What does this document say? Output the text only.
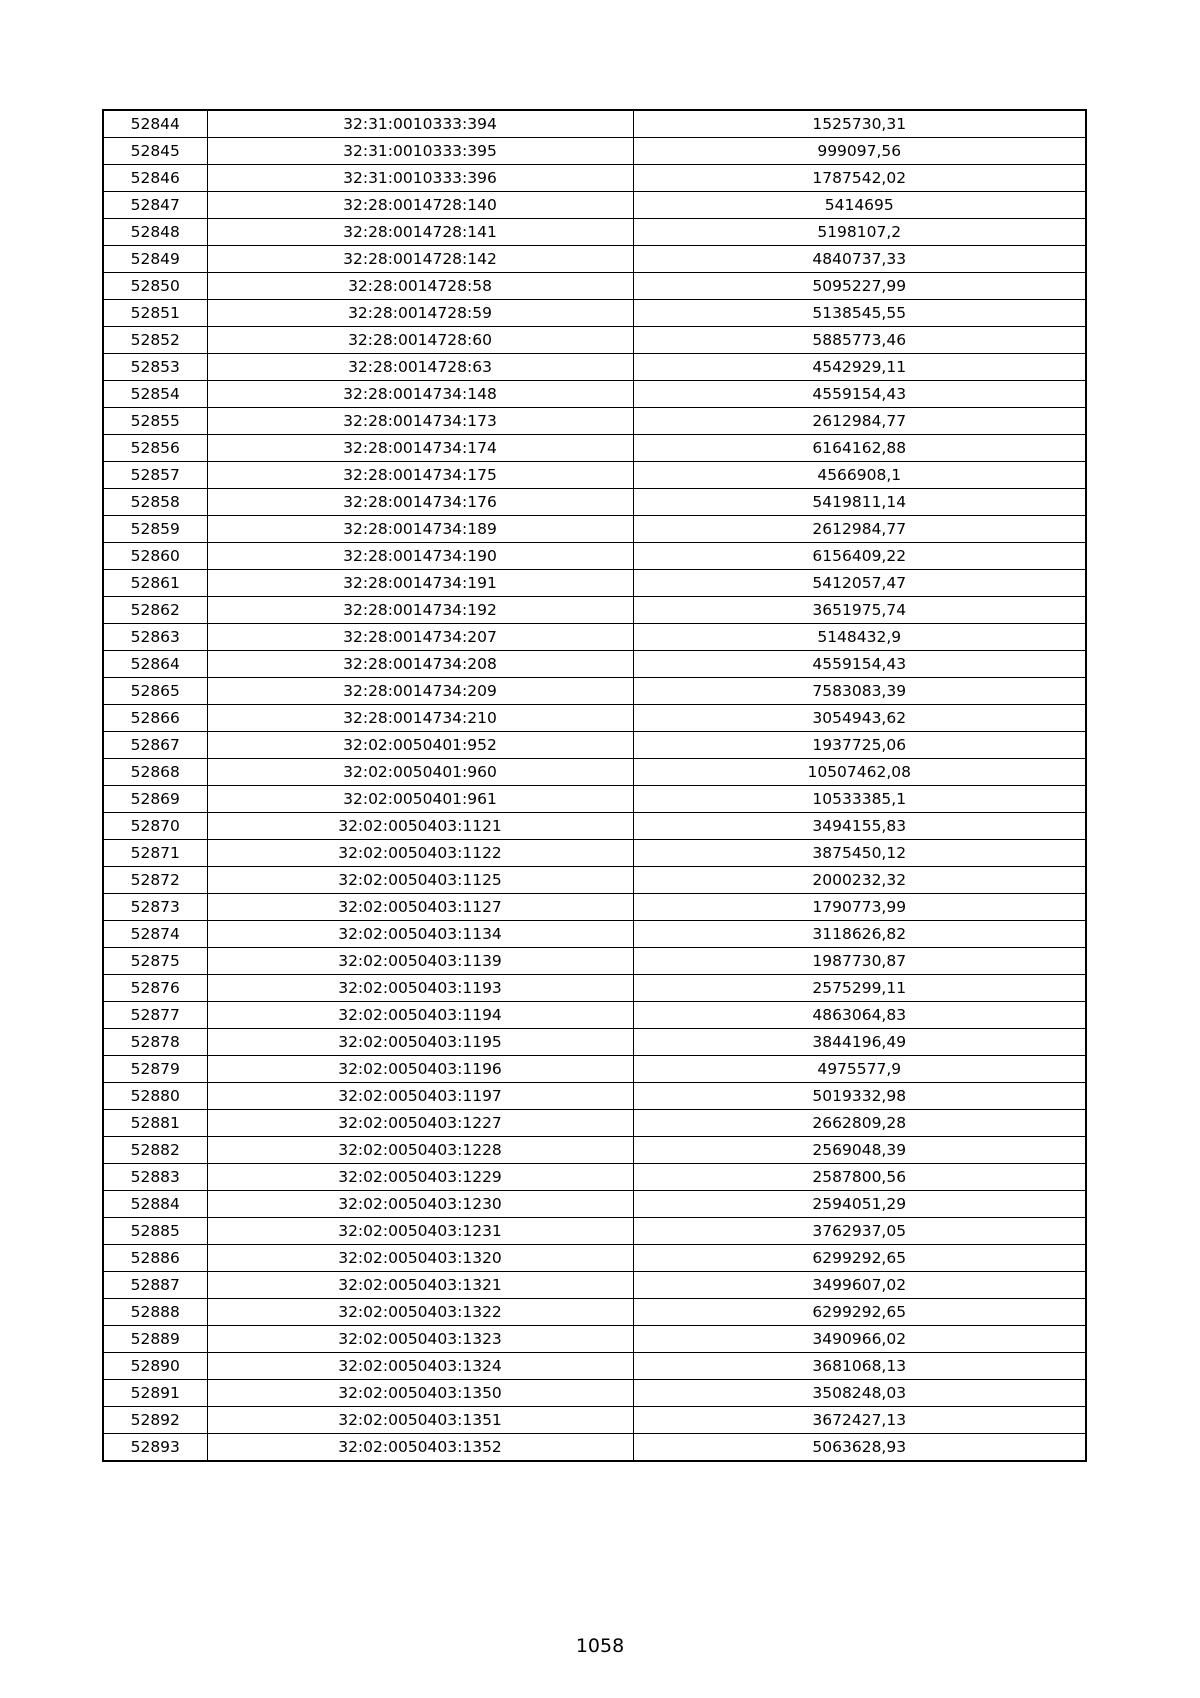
52844	32:31:0010333:394	1525730,31
52845	32:31:0010333:395	999097,56
52846	32:31:0010333:396	1787542,02
52847	32:28:0014728:140	5414695
52848	32:28:0014728:141	5198107,2
52849	32:28:0014728:142	4840737,33
52850	32:28:0014728:58	5095227,99
52851	32:28:0014728:59	5138545,55
52852	32:28:0014728:60	5885773,46
52853	32:28:0014728:63	4542929,11
52854	32:28:0014734:148	4559154,43
52855	32:28:0014734:173	2612984,77
52856	32:28:0014734:174	6164162,88
52857	32:28:0014734:175	4566908,1
52858	32:28:0014734:176	5419811,14
52859	32:28:0014734:189	2612984,77
52860	32:28:0014734:190	6156409,22
52861	32:28:0014734:191	5412057,47
52862	32:28:0014734:192	3651975,74
52863	32:28:0014734:207	5148432,9
52864	32:28:0014734:208	4559154,43
52865	32:28:0014734:209	7583083,39
52866	32:28:0014734:210	3054943,62
52867	32:02:0050401:952	1937725,06
52868	32:02:0050401:960	10507462,08
52869	32:02:0050401:961	10533385,1
52870	32:02:0050403:1121	3494155,83
52871	32:02:0050403:1122	3875450,12
52872	32:02:0050403:1125	2000232,32
52873	32:02:0050403:1127	1790773,99
52874	32:02:0050403:1134	3118626,82
52875	32:02:0050403:1139	1987730,87
52876	32:02:0050403:1193	2575299,11
52877	32:02:0050403:1194	4863064,83
52878	32:02:0050403:1195	3844196,49
52879	32:02:0050403:1196	4975577,9
52880	32:02:0050403:1197	5019332,98
52881	32:02:0050403:1227	2662809,28
52882	32:02:0050403:1228	2569048,39
52883	32:02:0050403:1229	2587800,56
52884	32:02:0050403:1230	2594051,29
52885	32:02:0050403:1231	3762937,05
52886	32:02:0050403:1320	6299292,65
52887	32:02:0050403:1321	3499607,02
52888	32:02:0050403:1322	6299292,65
52889	32:02:0050403:1323	3490966,02
52890	32:02:0050403:1324	3681068,13
52891	32:02:0050403:1350	3508248,03
52892	32:02:0050403:1351	3672427,13
52893	32:02:0050403:1352	5063628,93
1058
